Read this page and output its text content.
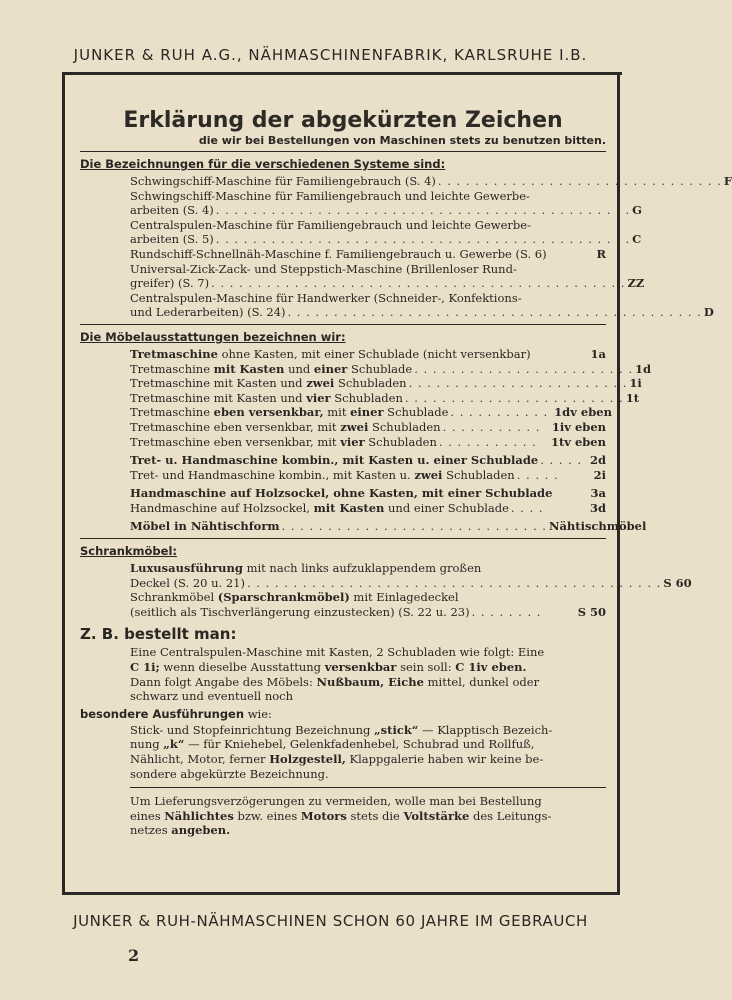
JUNKER & RUH A.G., NÄHMASCHINENFABRIK, KARLSRUHE I.B.
Erklärung der abgekürzten Zeichen
die wir bei Bestellungen von Maschinen stets zu benutzen bitten.
Die Bezeichnungen für die verschiedenen Systeme sind:
Schwingschiff-Maschine für Familiengebrauch (S. 4) . . . . . . . . . . . . . . . . . . . . . . . . . . . . . . . F
Schwingschiff-Maschine für Familiengebrauch und leichte Gewerbe-
arbeiten (S. 4) . . . . . . . . . . . . . . . . . . . . . . . . . . . . . . . . . . . . . . . . . . . . . G
Centralspulen-Maschine für Familiengebrauch und leichte Gewerbe-
arbeiten (S. 5) . . . . . . . . . . . . . . . . . . . . . . . . . . . . . . . . . . . . . . . . . . . . . C
Rundschiff-Schnellnäh-Maschine f. Familiengebrauch u. Gewerbe (S. 6)	R
Universal-Zick-Zack- und Steppstich-Maschine (Brillenloser Rund-
greifer) (S. 7) . . . . . . . . . . . . . . . . . . . . . . . . . . . . . . . . . . . . . . . . . . . . . ZZ
Centralspulen-Maschine für Handwerker (Schneider-, Konfektions-
und Lederarbeiten) (S. 24) . . . . . . . . . . . . . . . . . . . . . . . . . . . . . . . . . . . . . . . . . . . . . D
Die Möbelausstattungen bezeichnen wir:
Tretmaschine ohne Kasten, mit einer Schublade (nicht versenkbar)	1a
Tretmaschine mit Kasten und einer Schublade . . . . . . . . . . . . . . . . . . . . . . . . 1d
Tretmaschine mit Kasten und zwei Schubladen . . . . . . . . . . . . . . . . . . . . . . . . 1i
Tretmaschine mit Kasten und vier Schubladen . . . . . . . . . . . . . . . . . . . . . . . . 1t
Tretmaschine eben versenkbar, mit einer Schublade . . . . . . . . . . . 1dv eben
Tretmaschine eben versenkbar, mit zwei Schubladen . . . . . . . . . . .	1iv eben
Tretmaschine eben versenkbar, mit vier Schubladen . . . . . . . . . . .	1tv eben
Tret- u. Handmaschine kombin., mit Kasten u. einer Schublade . . . . . 2d
Tret- und Handmaschine kombin., mit Kasten u. zwei Schubladen . . . . .	2i
Handmaschine auf Holzsockel, ohne Kasten, mit einer Schublade	3a
Handmaschine auf Holzsockel, mit Kasten und einer Schublade . . . .	3d
Möbel in Nähtischform . . . . . . . . . . . . . . . . . . . . . . . . . . . . . Nähtischmöbel
Schrankmöbel:
Luxusausführung mit nach links aufzuklappendem großen
Deckel (S. 20 u. 21) . . . . . . . . . . . . . . . . . . . . . . . . . . . . . . . . . . . . . . . . . . . . . S 60
Schrankmöbel (Sparschrankmöbel) mit Einlagedeckel
(seitlich als Tischverlängerung einzustecken) (S. 22 u. 23) . . . . . . . .	S 50
Z. B. bestellt man:
Eine Centralspulen-Maschine mit Kasten, 2 Schubladen wie folgt: Eine
C 1i; wenn dieselbe Ausstattung versenkbar sein soll: C 1iv eben.
Dann folgt Angabe des Möbels: Nußbaum, Eiche mittel, dunkel oder
schwarz und eventuell noch
besondere Ausführungen wie:
Stick- und Stopfeinrichtung Bezeichnung „stick“ — Klapptisch Bezeich-
nung „k“ — für Kniehebel, Gelenkfadenhebel, Schubrad und Rollfuß,
Nählicht, Motor, ferner Holzgestell, Klappgalerie haben wir keine be-
sondere abgekürzte Bezeichnung.
Um Lieferungsverzögerungen zu vermeiden, wolle man bei Bestellung
eines Nählichtes bzw. eines Motors stets die Voltstärke des Leitungs-
netzes angeben.
JUNKER & RUH-NÄHMASCHINEN SCHON 60 JAHRE IM GEBRAUCH
2
